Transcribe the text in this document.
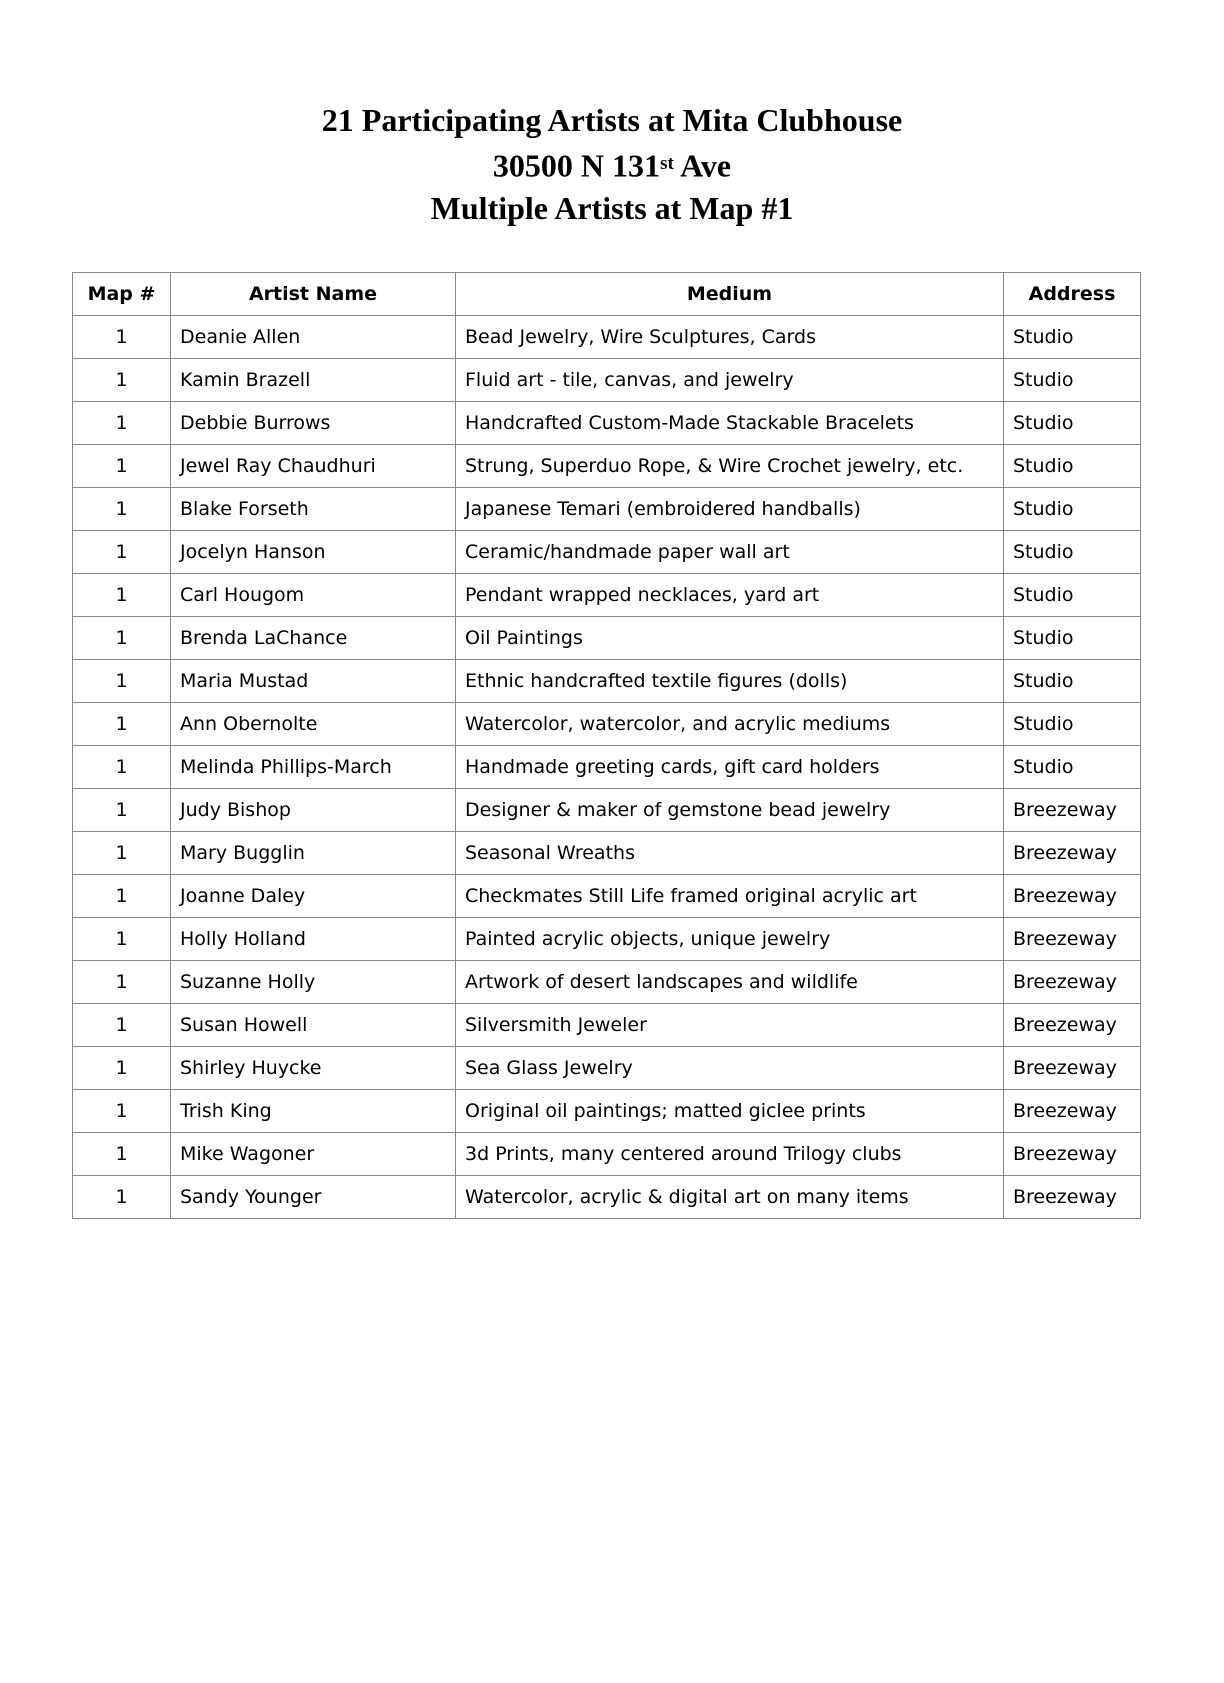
21 Participating Artists at Mita Clubhouse
30500 N 131st Ave
Multiple Artists at Map #1
Map #	Artist Name	Medium	Address
1	Deanie Allen	Bead Jewelry, Wire Sculptures, Cards	Studio
1	Kamin Brazell	Fluid art - tile, canvas, and jewelry	Studio
1	Debbie Burrows	Handcrafted Custom-Made Stackable Bracelets	Studio
1	Jewel Ray Chaudhuri	Strung, Superduo Rope, & Wire Crochet jewelry, etc.	Studio
1	Blake Forseth	Japanese Temari (embroidered handballs)	Studio
1	Jocelyn Hanson	Ceramic/handmade paper wall art	Studio
1	Carl Hougom	Pendant wrapped necklaces, yard art	Studio
1	Brenda LaChance	Oil Paintings	Studio
1	Maria Mustad	Ethnic handcrafted textile figures (dolls)	Studio
1	Ann Obernolte	Watercolor, watercolor, and acrylic mediums	Studio
1	Melinda Phillips-March	Handmade greeting cards, gift card holders	Studio
1	Judy Bishop	Designer & maker of gemstone bead jewelry	Breezeway
1	Mary Bugglin	Seasonal Wreaths	Breezeway
1	Joanne Daley	Checkmates Still Life framed original acrylic art	Breezeway
1	Holly Holland	Painted acrylic objects, unique jewelry	Breezeway
1	Suzanne Holly	Artwork of desert landscapes and wildlife	Breezeway
1	Susan Howell	Silversmith Jeweler	Breezeway
1	Shirley Huycke	Sea Glass Jewelry	Breezeway
1	Trish King	Original oil paintings; matted giclee prints	Breezeway
1	Mike Wagoner	3d Prints, many centered around Trilogy clubs	Breezeway
1	Sandy Younger	Watercolor, acrylic & digital art on many items	Breezeway
